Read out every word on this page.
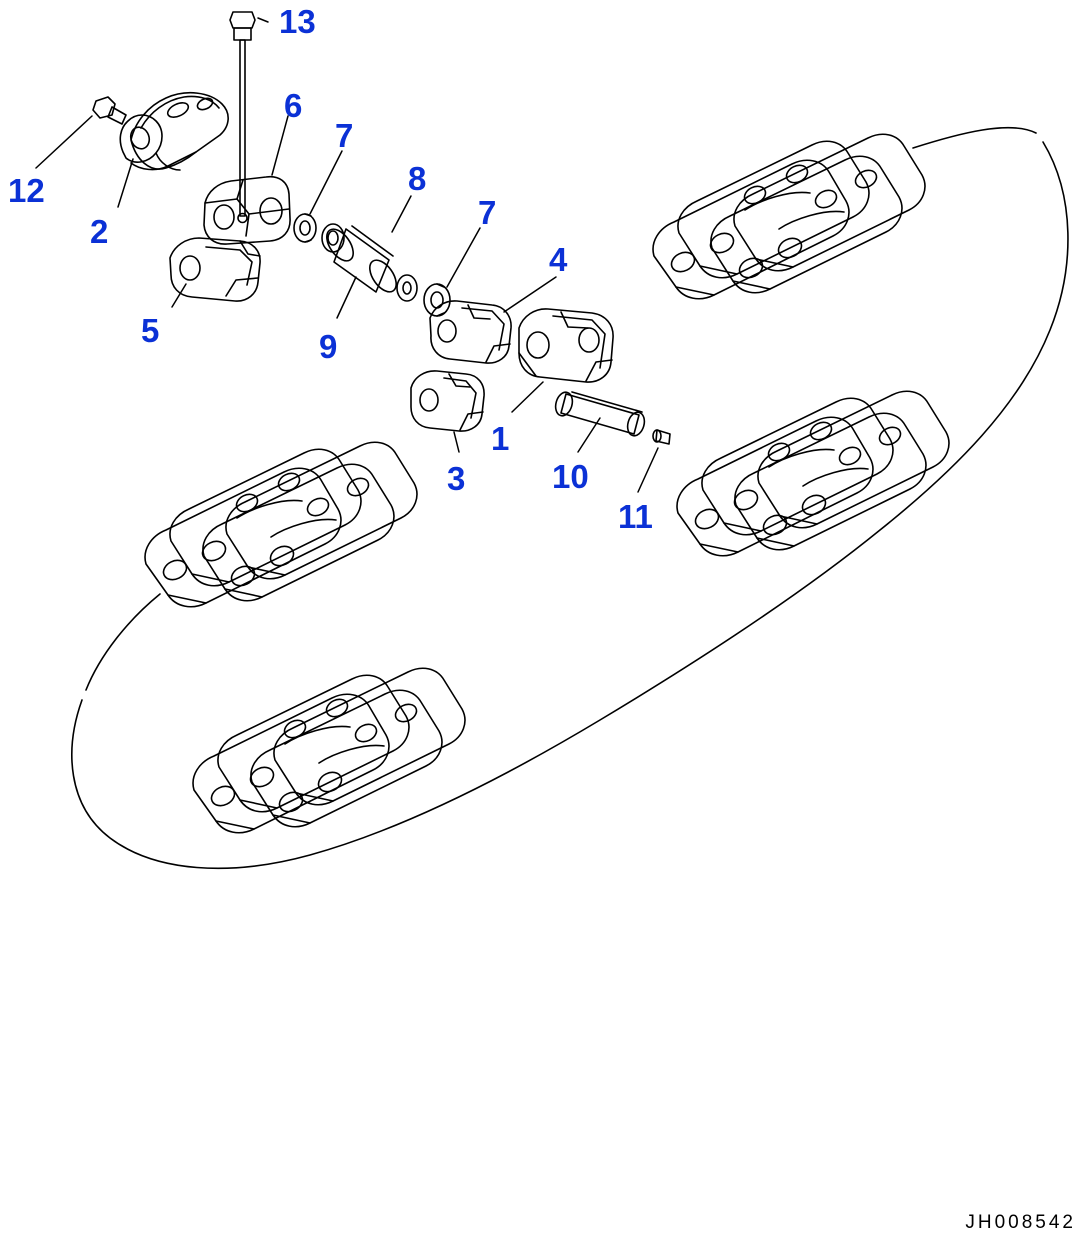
13
12
6
7
8
7
2
4
5	9
1
3	10
11
JH008542
